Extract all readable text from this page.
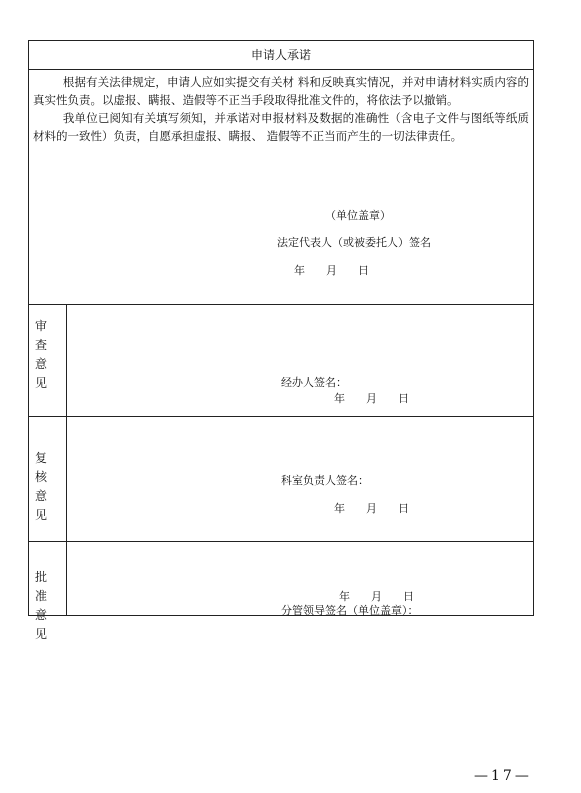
申请人承诺

根据有关法律规定，申请人应如实提交有关材 料和反映真实情况，并对申请材料实质内容的真实性负责。以虚报、瞒报、造假等不正当手段取得批准文件的，将依法予以撤销。

我单位已阅知有关填写须知，并承诺对申报材料及数据的准确性（含电子文件与图纸等纸质材料的一致性）负责，自愿承担虚报、瞒报、 造假等不正当而产生的一切法律责任。

（单位盖章）
法定代表人（或被委托人）签名
年      月      日
审查意见	经办人签名：
年      月      日
复核意见
科室负责人签名：
年      月      日
批准意见
分管领导签名（单位盖章）：
年      月      日
—17—
